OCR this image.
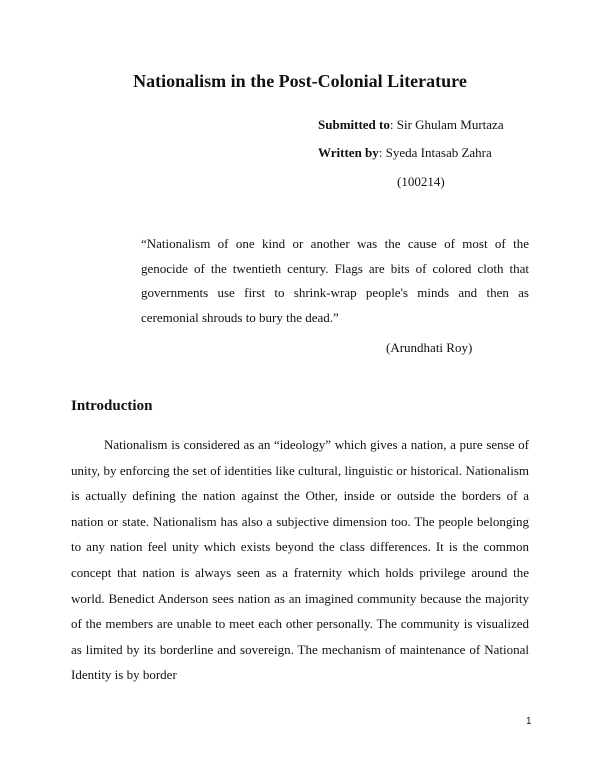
Nationalism in the Post-Colonial Literature
Submitted to: Sir Ghulam Murtaza
Written by: Syeda Intasab Zahra
(100214)

“Nationalism of one kind or another was the cause of most of the genocide of the twentieth century. Flags are bits of colored cloth that governments use first to shrink-wrap people's minds and then as ceremonial shrouds to bury the dead.”

(Arundhati Roy)

Introduction

Nationalism is considered as an “ideology” which gives a nation, a pure sense of unity, by enforcing the set of identities like cultural, linguistic or historical. Nationalism is actually defining the nation against the Other, inside or outside the borders of a nation or state. Nationalism has also a subjective dimension too. The people belonging to any nation feel unity which exists beyond the class differences. It is the common concept that nation is always seen as a fraternity which holds privilege around the world. Benedict Anderson sees nation as an imagined community because the majority of the members are unable to meet each other personally. The community is visualized as limited by its borderline and sovereign. The mechanism of maintenance of National Identity is by border

1
